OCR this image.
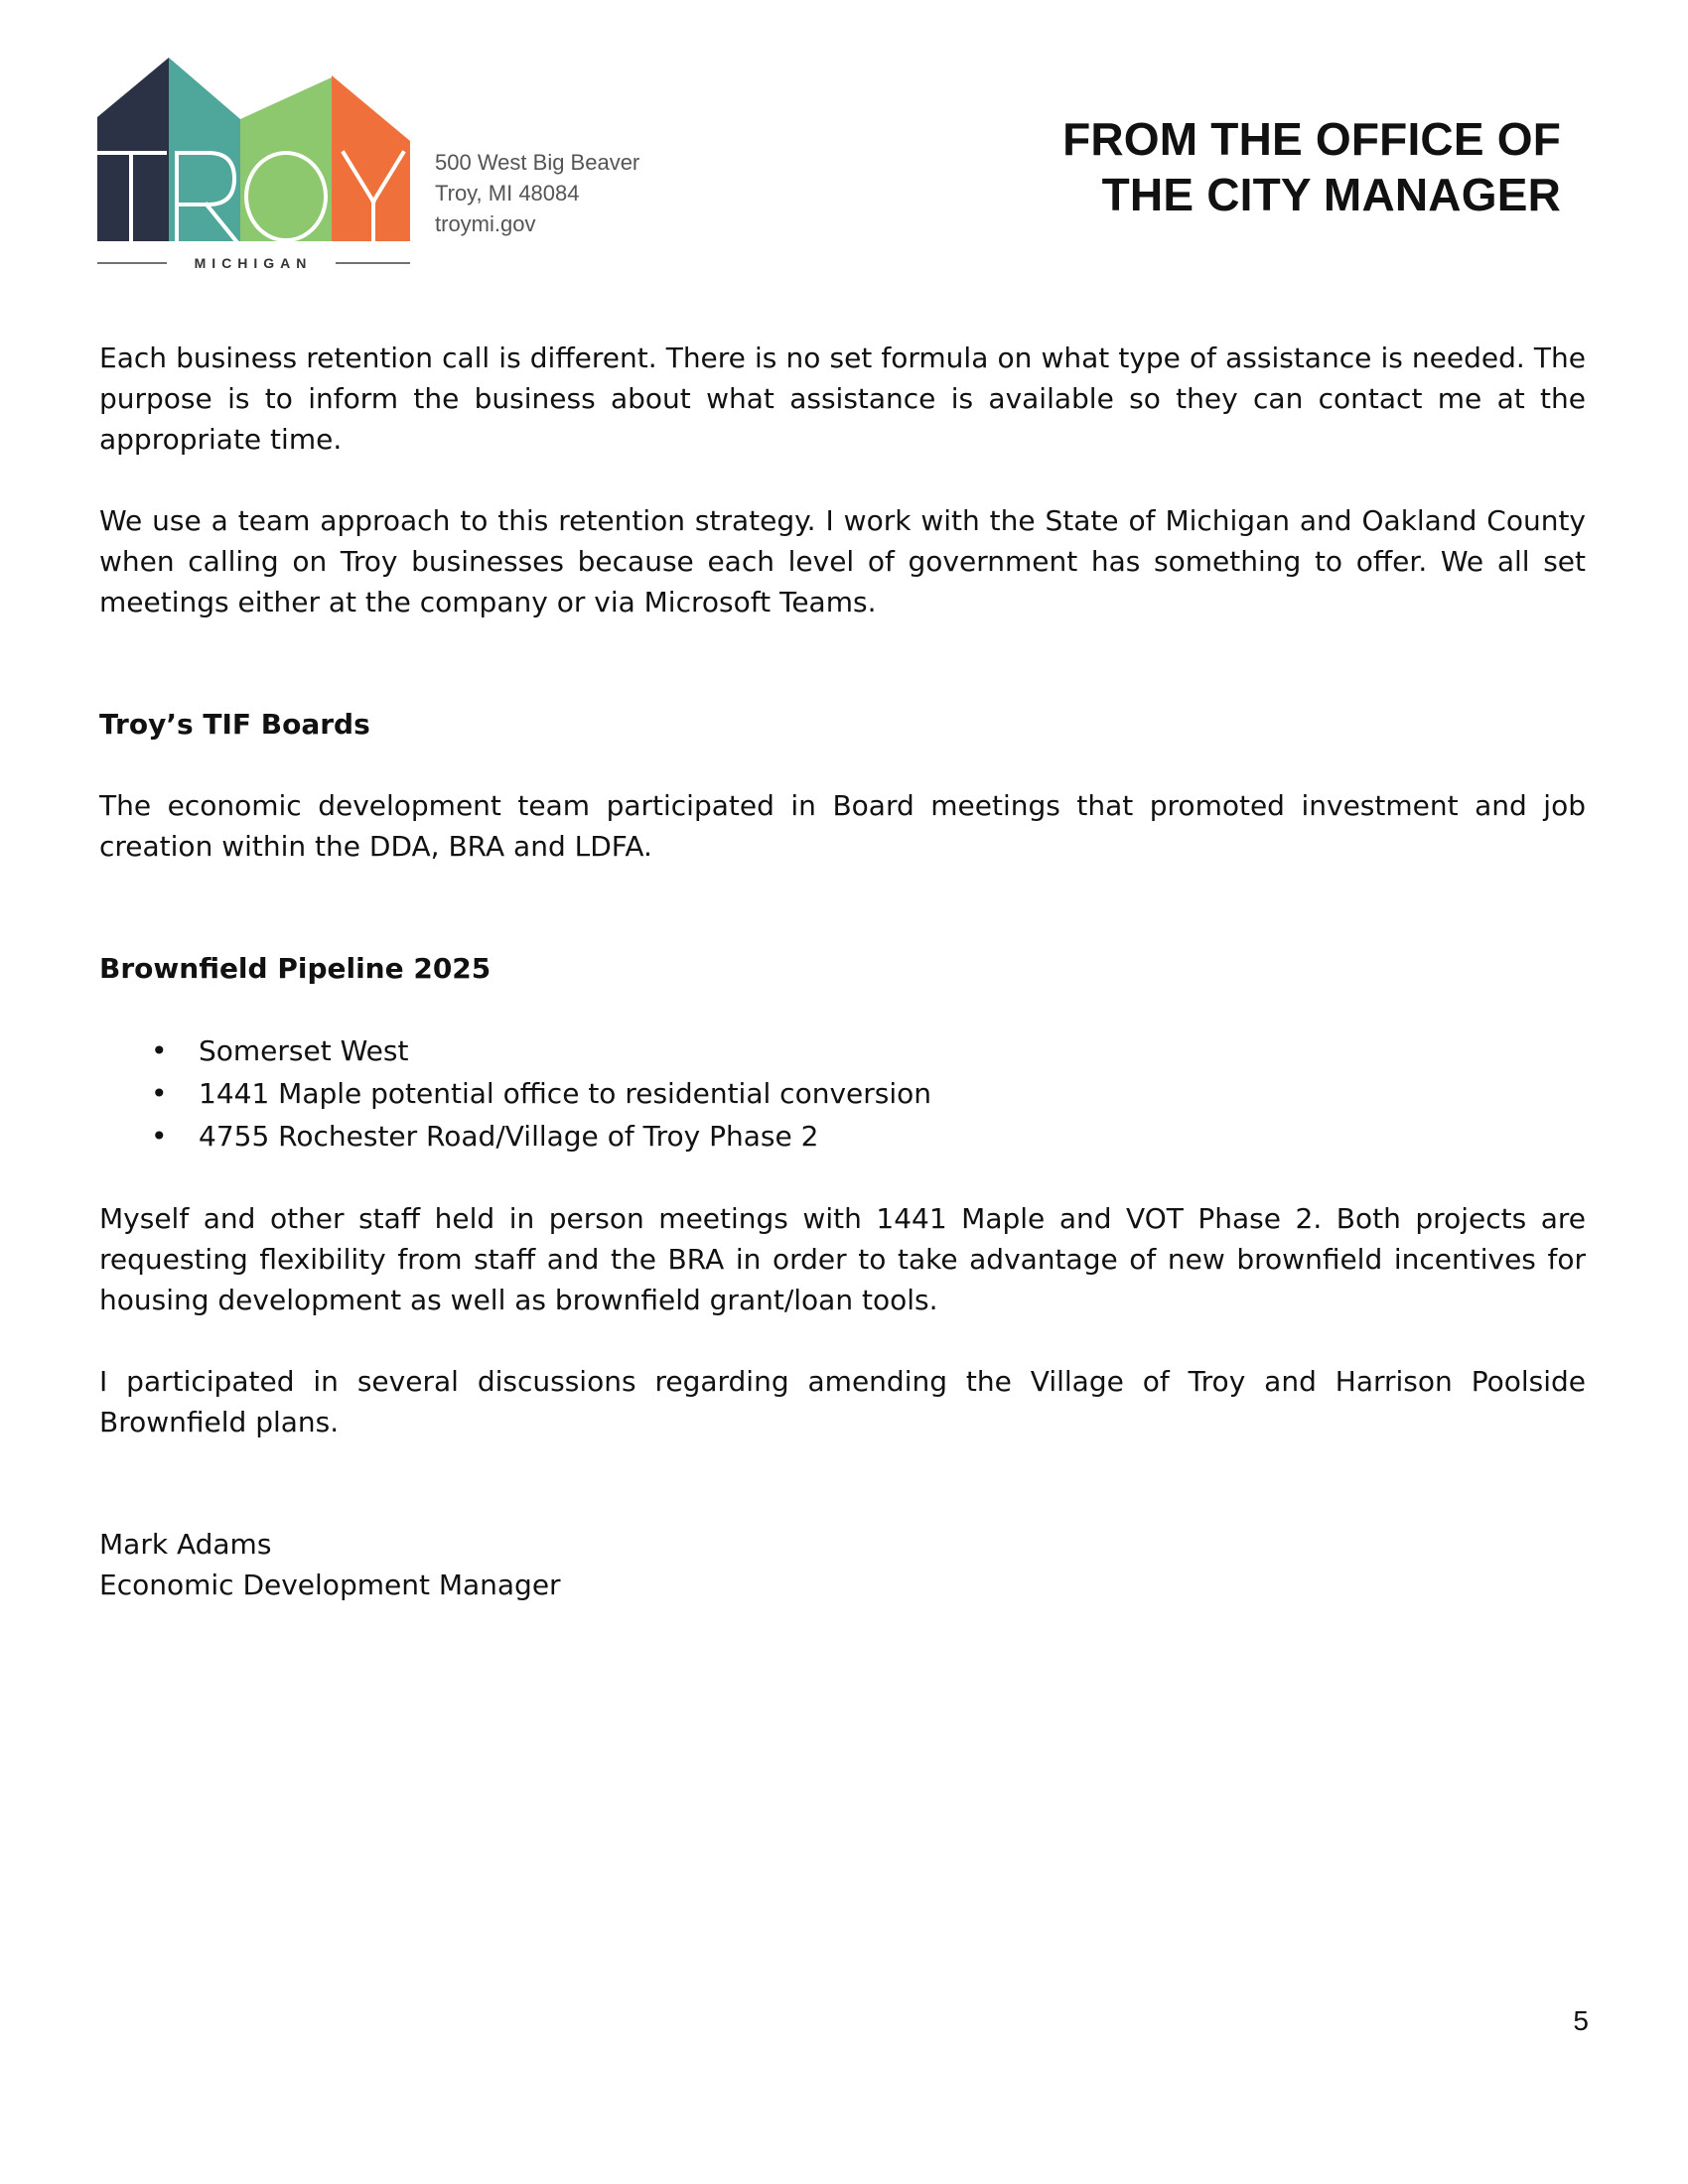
MICHIGAN
500 West Big Beaver
Troy, MI 48084
troymi.gov
FROM THE OFFICE OF
THE CITY MANAGER

Each business retention call is different. There is no set formula on what type of assistance is needed. The purpose is to inform the business about what assistance is available so they can contact me at the appropriate time.

We use a team approach to this retention strategy. I work with the State of Michigan and Oakland County when calling on Troy businesses because each level of government has something to offer. We all set meetings either at the company or via Microsoft Teams.

Troy’s TIF Boards

The economic development team participated in Board meetings that promoted investment and job creation within the DDA, BRA and LDFA.

Brownfield Pipeline 2025

• Somerset West
• 1441 Maple potential office to residential conversion
• 4755 Rochester Road/Village of Troy Phase 2

Myself and other staff held in person meetings with 1441 Maple and VOT Phase 2. Both projects are requesting flexibility from staff and the BRA in order to take advantage of new brownfield incentives for housing development as well as brownfield grant/loan tools.

I participated in several discussions regarding amending the Village of Troy and Harrison Poolside Brownfield plans.

Mark Adams
Economic Development Manager
5
